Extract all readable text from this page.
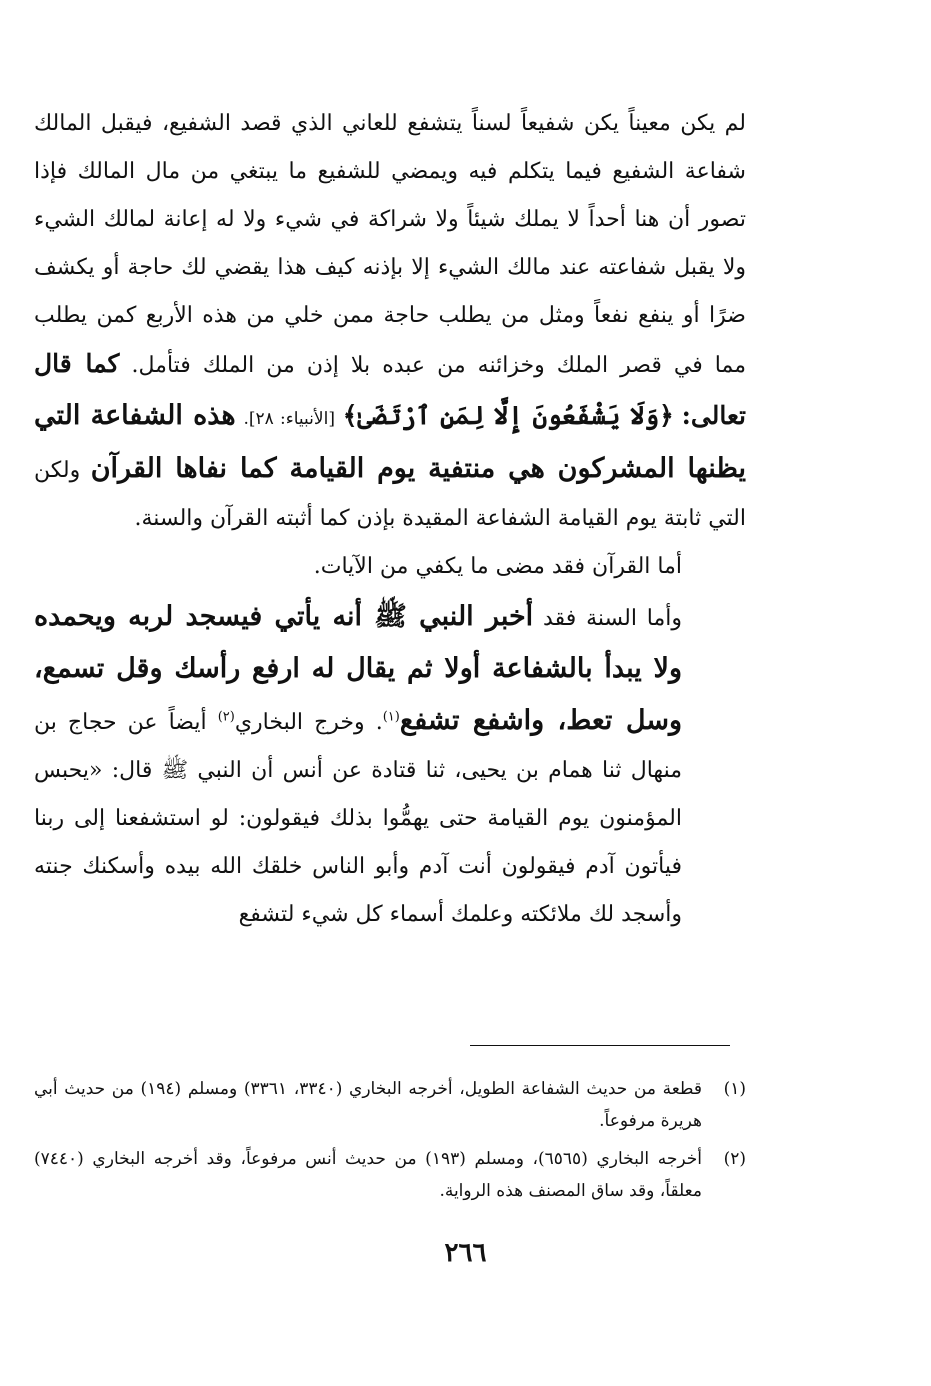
لم يكن معيناً يكن شفيعاً لسناً يتشفع للعاني الذي قصد الشفيع، فيقبل المالك شفاعة الشفيع فيما يتكلم فيه ويمضي للشفيع ما يبتغي من مال المالك فإذا تصور أن هنا أحداً لا يملك شيئاً ولا شراكة في شيء ولا له إعانة لمالك الشيء ولا يقبل شفاعته عند مالك الشيء إلا بإذنه كيف هذا يقضي لك حاجة أو يكشف ضرًا أو ينفع نفعاً ومثل من يطلب حاجة ممن خلي من هذه الأربع كمن يطلب مما في قصر الملك وخزائنه من عبده بلا إذن من الملك فتأمل. كما قال تعالى: ﴿وَلَا يَشْفَعُونَ إِلَّا لِمَنِ ٱرْتَضَىٰ﴾ [الأنبياء: ٢٨]. هذه الشفاعة التي يظنها المشركون هي منتفية يوم القيامة كما نفاها القرآن ولكن التي ثابتة يوم القيامة الشفاعة المقيدة بإذن كما أثبته القرآن والسنة.

أما القرآن فقد مضى ما يكفي من الآيات.

وأما السنة فقد أخبر النبي ﷺ أنه يأتي فيسجد لربه ويحمده ولا يبدأ بالشفاعة أولا ثم يقال له ارفع رأسك وقل تسمع، وسل تعط، واشفع تشفع$^{(١)}$. وخرج البخاري$^{(٢)}$ أيضاً عن حجاج بن منهال ثنا همام بن يحيى، ثنا قتادة عن أنس أن النبي ﷺ قال: «يحبس المؤمنون يوم القيامة حتى يهمُّوا بذلك فيقولون: لو استشفعنا إلى ربنا فيأتون آدم فيقولون أنت آدم وأبو الناس خلقك الله بيده وأسكنك جنته وأسجد لك ملائكته وعلمك أسماء كل شيء لتشفع

(١)
قطعة من حديث الشفاعة الطويل، أخرجه البخاري (٣٣٤٠، ٣٣٦١) ومسلم (١٩٤) من حديث أبي هريرة مرفوعاً.
(٢)
أخرجه البخاري (٦٥٦٥)، ومسلم (١٩٣) من حديث أنس مرفوعاً، وقد أخرجه البخاري (٧٤٤٠) معلقاً، وقد ساق المصنف هذه الرواية.
٢٦٦
